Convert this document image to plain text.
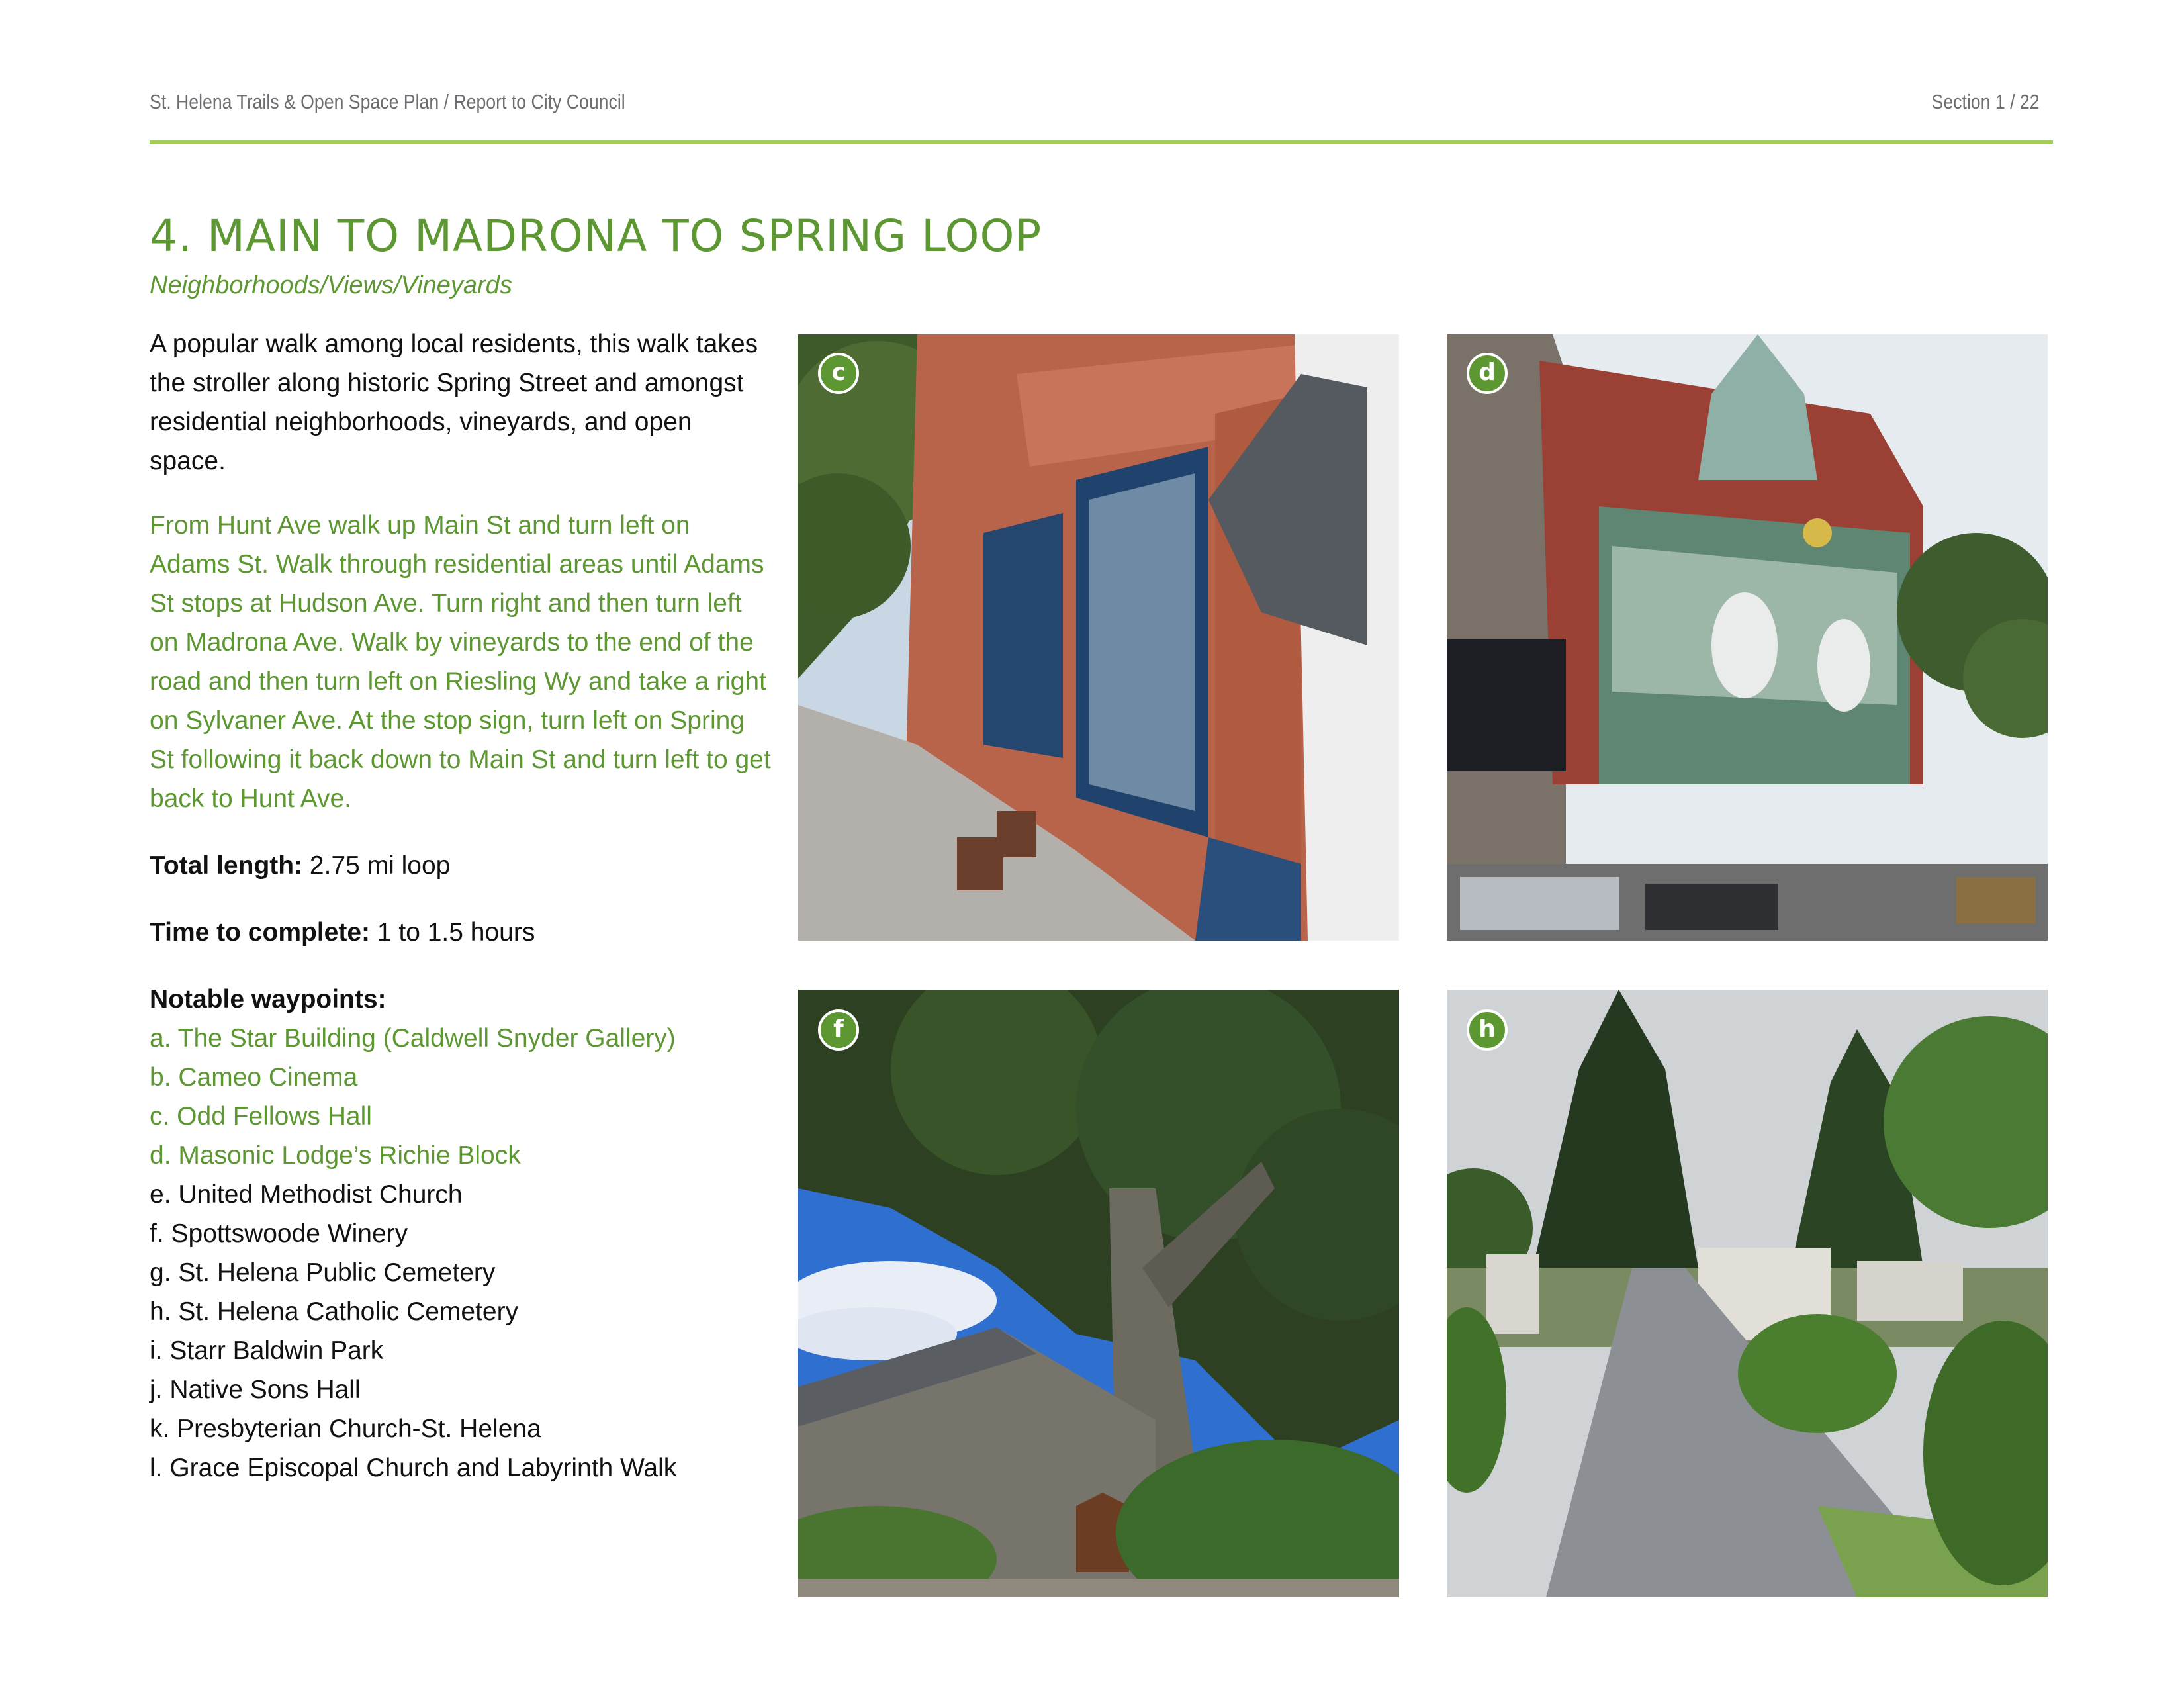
St. Helena Trails & Open Space Plan / Report to City Council	Section 1 / 22
4. MAIN TO MADRONA TO SPRING LOOP
Neighborhoods/Views/Vineyards
A popular walk among local residents, this walk takes the stroller along historic Spring Street and amongst residential neighborhoods, vineyards, and open space.
From Hunt Ave walk up Main St and turn left on Adams St. Walk through residential areas until Adams St stops at Hudson Ave. Turn right and then turn left on Madrona Ave. Walk by vineyards to the end of the road and then turn left on Riesling Wy and take a right on Sylvaner Ave. At the stop sign, turn left on Spring St following it back down to Main St and turn left to get back to Hunt Ave.
Total length: 2.75 mi loop
Time to complete: 1 to 1.5 hours
Notable waypoints:
a. The Star Building (Caldwell Snyder Gallery)
b. Cameo Cinema
c. Odd Fellows Hall
d. Masonic Lodge’s Richie Block
e. United Methodist Church
f. Spottswoode Winery
g. St. Helena Public Cemetery
h. St. Helena Catholic Cemetery
i. Starr Baldwin Park
j. Native Sons Hall
k. Presbyterian Church-St. Helena
l. Grace Episcopal Church and Labyrinth Walk
c	d
f	h
